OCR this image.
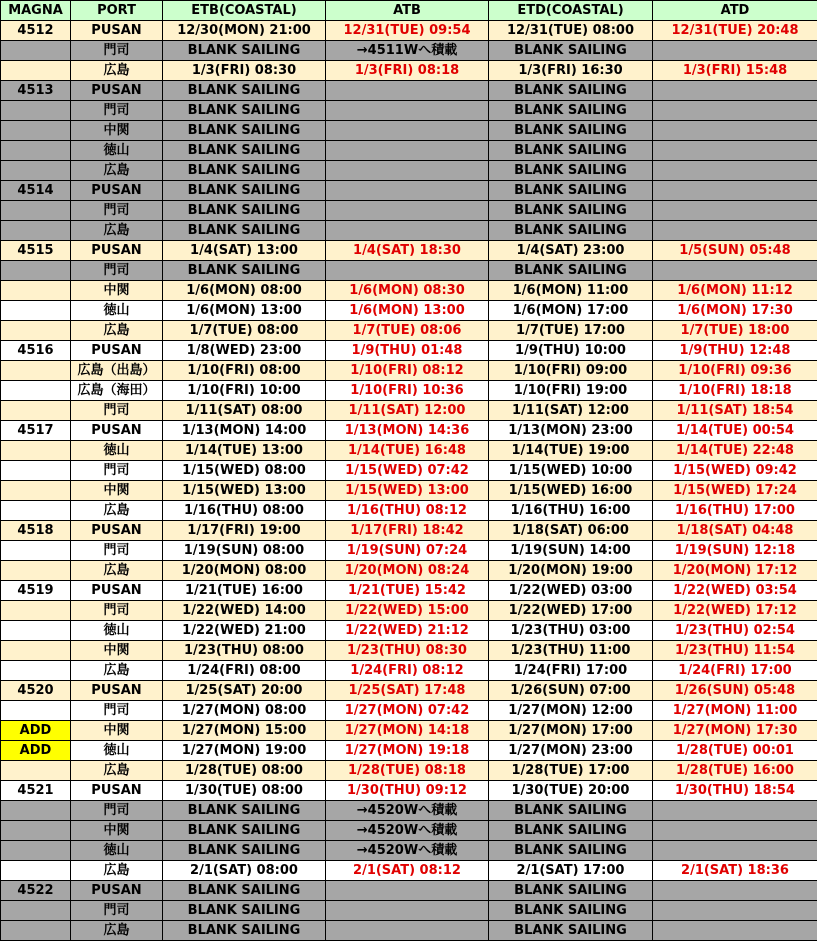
MAGNA	PORT	ETB(COASTAL)	ATB	ETD(COASTAL)	ATD
4512	PUSAN	12/30(MON) 21:00	12/31(TUE) 09:54	12/31(TUE) 08:00	12/31(TUE) 20:48
	門司	BLANK SAILING	→4511Wへ積載	BLANK SAILING	
	広島	1/3(FRI) 08:30	1/3(FRI) 08:18	1/3(FRI) 16:30	1/3(FRI) 15:48
4513	PUSAN	BLANK SAILING		BLANK SAILING	
	門司	BLANK SAILING		BLANK SAILING	
	中関	BLANK SAILING		BLANK SAILING	
	徳山	BLANK SAILING		BLANK SAILING	
	広島	BLANK SAILING		BLANK SAILING	
4514	PUSAN	BLANK SAILING		BLANK SAILING	
	門司	BLANK SAILING		BLANK SAILING	
	広島	BLANK SAILING		BLANK SAILING	
4515	PUSAN	1/4(SAT) 13:00	1/4(SAT) 18:30	1/4(SAT) 23:00	1/5(SUN) 05:48
	門司	BLANK SAILING		BLANK SAILING	
	中関	1/6(MON) 08:00	1/6(MON) 08:30	1/6(MON) 11:00	1/6(MON) 11:12
	徳山	1/6(MON) 13:00	1/6(MON) 13:00	1/6(MON) 17:00	1/6(MON) 17:30
	広島	1/7(TUE) 08:00	1/7(TUE) 08:06	1/7(TUE) 17:00	1/7(TUE) 18:00
4516	PUSAN	1/8(WED) 23:00	1/9(THU) 01:48	1/9(THU) 10:00	1/9(THU) 12:48
	広島（出島）	1/10(FRI) 08:00	1/10(FRI) 08:12	1/10(FRI) 09:00	1/10(FRI) 09:36
	広島（海田）	1/10(FRI) 10:00	1/10(FRI) 10:36	1/10(FRI) 19:00	1/10(FRI) 18:18
	門司	1/11(SAT) 08:00	1/11(SAT) 12:00	1/11(SAT) 12:00	1/11(SAT) 18:54
4517	PUSAN	1/13(MON) 14:00	1/13(MON) 14:36	1/13(MON) 23:00	1/14(TUE) 00:54
	徳山	1/14(TUE) 13:00	1/14(TUE) 16:48	1/14(TUE) 19:00	1/14(TUE) 22:48
	門司	1/15(WED) 08:00	1/15(WED) 07:42	1/15(WED) 10:00	1/15(WED) 09:42
	中関	1/15(WED) 13:00	1/15(WED) 13:00	1/15(WED) 16:00	1/15(WED) 17:24
	広島	1/16(THU) 08:00	1/16(THU) 08:12	1/16(THU) 16:00	1/16(THU) 17:00
4518	PUSAN	1/17(FRI) 19:00	1/17(FRI) 18:42	1/18(SAT) 06:00	1/18(SAT) 04:48
	門司	1/19(SUN) 08:00	1/19(SUN) 07:24	1/19(SUN) 14:00	1/19(SUN) 12:18
	広島	1/20(MON) 08:00	1/20(MON) 08:24	1/20(MON) 19:00	1/20(MON) 17:12
4519	PUSAN	1/21(TUE) 16:00	1/21(TUE) 15:42	1/22(WED) 03:00	1/22(WED) 03:54
	門司	1/22(WED) 14:00	1/22(WED) 15:00	1/22(WED) 17:00	1/22(WED) 17:12
	徳山	1/22(WED) 21:00	1/22(WED) 21:12	1/23(THU) 03:00	1/23(THU) 02:54
	中関	1/23(THU) 08:00	1/23(THU) 08:30	1/23(THU) 11:00	1/23(THU) 11:54
	広島	1/24(FRI) 08:00	1/24(FRI) 08:12	1/24(FRI) 17:00	1/24(FRI) 17:00
4520	PUSAN	1/25(SAT) 20:00	1/25(SAT) 17:48	1/26(SUN) 07:00	1/26(SUN) 05:48
	門司	1/27(MON) 08:00	1/27(MON) 07:42	1/27(MON) 12:00	1/27(MON) 11:00
ADD	中関	1/27(MON) 15:00	1/27(MON) 14:18	1/27(MON) 17:00	1/27(MON) 17:30
ADD	徳山	1/27(MON) 19:00	1/27(MON) 19:18	1/27(MON) 23:00	1/28(TUE) 00:01
	広島	1/28(TUE) 08:00	1/28(TUE) 08:18	1/28(TUE) 17:00	1/28(TUE) 16:00
4521	PUSAN	1/30(TUE) 08:00	1/30(THU) 09:12	1/30(TUE) 20:00	1/30(THU) 18:54
	門司	BLANK SAILING	→4520Wへ積載	BLANK SAILING	
	中関	BLANK SAILING	→4520Wへ積載	BLANK SAILING	
	徳山	BLANK SAILING	→4520Wへ積載	BLANK SAILING	
	広島	2/1(SAT) 08:00	2/1(SAT) 08:12	2/1(SAT) 17:00	2/1(SAT) 18:36
4522	PUSAN	BLANK SAILING		BLANK SAILING	
	門司	BLANK SAILING		BLANK SAILING	
	広島	BLANK SAILING		BLANK SAILING	
